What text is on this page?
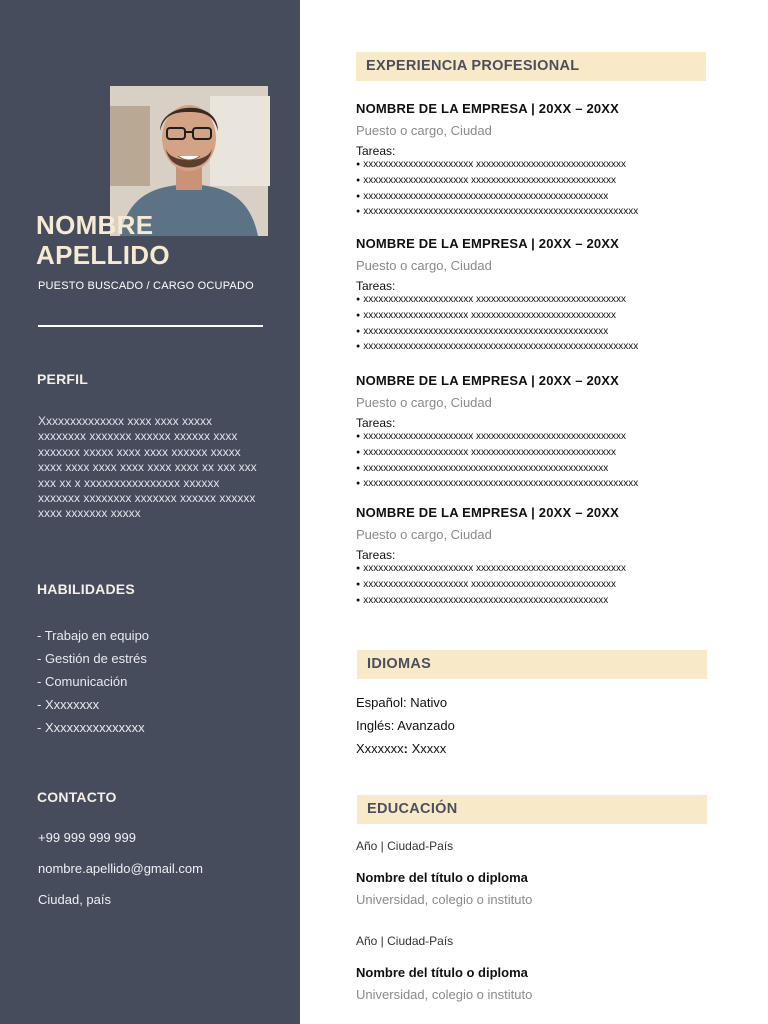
NOMBRE
APELLIDO
PUESTO BUSCADO / CARGO OCUPADO
PERFIL
Xxxxxxxxxxxxxx xxxx xxxx xxxxx xxxxxxxx xxxxxxx xxxxxx xxxxxx xxxx xxxxxxx xxxxx xxxx xxxx xxxxxx xxxxx xxxx xxxx xxxx xxxx xxxx xxxx xx xxx xxx xxx xx x xxxxxxxxxxxxxxxx xxxxxx xxxxxxx xxxxxxxx xxxxxxx xxxxxx xxxxxx xxxx xxxxxxx xxxxx
HABILIDADES
- Trabajo en equipo
- Gestión de estrés
- Comunicación
- Xxxxxxxx
- Xxxxxxxxxxxxxxx
CONTACTO
+99 999 999 999
nombre.apellido@gmail.com
Ciudad, país
EXPERIENCIA PROFESIONAL
NOMBRE DE LA EMPRESA | 20XX – 20XX
Puesto o cargo, Ciudad
Tareas:
● xxxxxxxxxxxxxxxxxxxxxx xxxxxxxxxxxxxxxxxxxxxxxxxxxxxx
● xxxxxxxxxxxxxxxxxxxxx xxxxxxxxxxxxxxxxxxxxxxxxxxxxx
● xxxxxxxxxxxxxxxxxxxxxxxxxxxxxxxxxxxxxxxxxxxxxxxxx
● xxxxxxxxxxxxxxxxxxxxxxxxxxxxxxxxxxxxxxxxxxxxxxxxxxxxxxx
NOMBRE DE LA EMPRESA | 20XX – 20XX
Puesto o cargo, Ciudad
Tareas:
● xxxxxxxxxxxxxxxxxxxxxx xxxxxxxxxxxxxxxxxxxxxxxxxxxxxx
● xxxxxxxxxxxxxxxxxxxxx xxxxxxxxxxxxxxxxxxxxxxxxxxxxx
● xxxxxxxxxxxxxxxxxxxxxxxxxxxxxxxxxxxxxxxxxxxxxxxxx
● xxxxxxxxxxxxxxxxxxxxxxxxxxxxxxxxxxxxxxxxxxxxxxxxxxxxxxx
NOMBRE DE LA EMPRESA | 20XX – 20XX
Puesto o cargo, Ciudad
Tareas:
● xxxxxxxxxxxxxxxxxxxxxx xxxxxxxxxxxxxxxxxxxxxxxxxxxxxx
● xxxxxxxxxxxxxxxxxxxxx xxxxxxxxxxxxxxxxxxxxxxxxxxxxx
● xxxxxxxxxxxxxxxxxxxxxxxxxxxxxxxxxxxxxxxxxxxxxxxxx
● xxxxxxxxxxxxxxxxxxxxxxxxxxxxxxxxxxxxxxxxxxxxxxxxxxxxxxx
NOMBRE DE LA EMPRESA | 20XX – 20XX
Puesto o cargo, Ciudad
Tareas:
● xxxxxxxxxxxxxxxxxxxxxx xxxxxxxxxxxxxxxxxxxxxxxxxxxxxx
● xxxxxxxxxxxxxxxxxxxxx xxxxxxxxxxxxxxxxxxxxxxxxxxxxx
● xxxxxxxxxxxxxxxxxxxxxxxxxxxxxxxxxxxxxxxxxxxxxxxxx
IDIOMAS
Español: Nativo
Inglés: Avanzado
Xxxxxxx: Xxxxx
EDUCACIÓN
Año | Ciudad-País
Nombre del título o diploma
Universidad, colegio o instituto
Año | Ciudad-País
Nombre del título o diploma
Universidad, colegio o instituto
